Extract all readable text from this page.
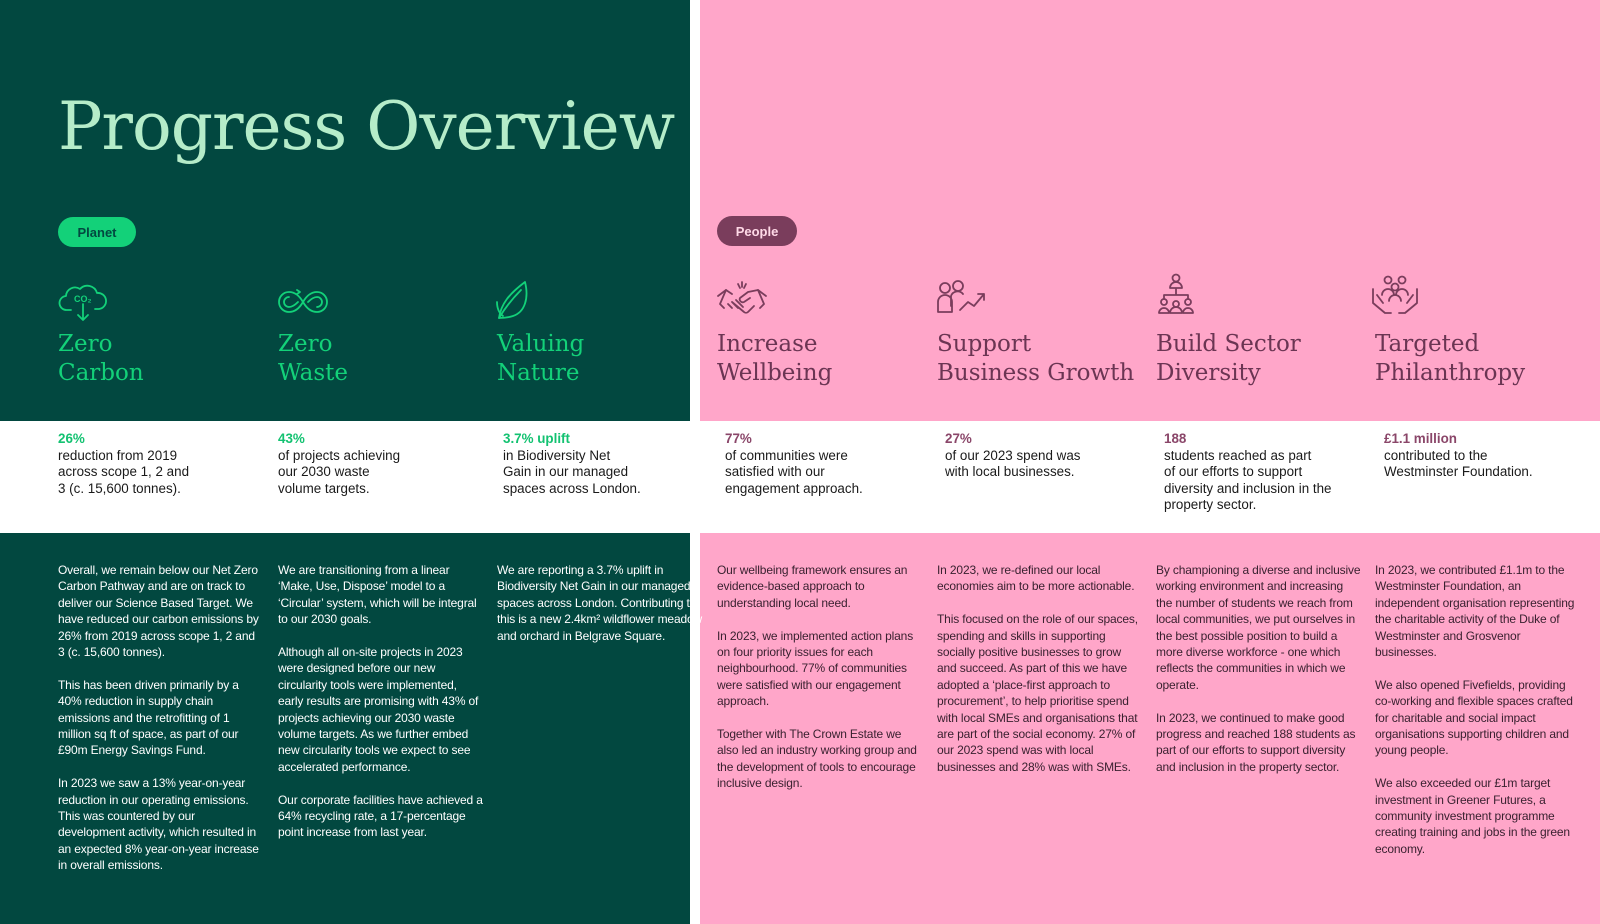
Progress Overview
Planet	People
CO₂
Zero
Carbon
26%
reduction from 2019
across scope 1, 2 and
3 (c. 15,600 tonnes).

Overall, we remain below our Net Zero Carbon Pathway and are on track to deliver our Science Based Target. We have reduced our carbon emissions by 26% from 2019 across scope 1, 2 and 3 (c. 15,600 tonnes).

This has been driven primarily by a 40% reduction in supply chain emissions and the retrofitting of 1 million sq ft of space, as part of our £90m Energy Savings Fund.

In 2023 we saw a 13% year-on-year reduction in our operating emissions. This was countered by our development activity, which resulted in an expected 8% year-on-year increase in overall emissions.

Zero
Waste
43%
of projects achieving
our 2030 waste
volume targets.

We are transitioning from a linear ‘Make, Use, Dispose’ model to a ‘Circular’ system, which will be integral to our 2030 goals.

Although all on-site projects in 2023 were designed before our new circularity tools were implemented, early results are promising with 43% of projects achieving our 2030 waste volume targets. As we further embed new circularity tools we expect to see accelerated performance.

Our corporate facilities have achieved a 64% recycling rate, a 17-percentage point increase from last year.

Valuing
Nature
3.7% uplift
in Biodiversity Net
Gain in our managed
spaces across London.

We are reporting a 3.7% uplift in Biodiversity Net Gain in our managed spaces across London. Contributing to this is a new 2.4km² wildflower meadow and orchard in Belgrave Square.

Increase
Wellbeing
77%
of communities were
satisfied with our
engagement approach.

Our wellbeing framework ensures an evidence-based approach to understanding local need.

In 2023, we implemented action plans on four priority issues for each neighbourhood. 77% of communities were satisfied with our engagement approach.

Together with The Crown Estate we also led an industry working group and the development of tools to encourage inclusive design.

Support
Business Growth
27%
of our 2023 spend was
with local businesses.

In 2023, we re-defined our local economies aim to be more actionable.

This focused on the role of our spaces, spending and skills in supporting socially positive businesses to grow and succeed. As part of this we have adopted a ‘place-first approach to procurement’, to help prioritise spend with local SMEs and organisations that are part of the social economy. 27% of our 2023 spend was with local businesses and 28% was with SMEs.

Build Sector
Diversity
188
students reached as part
of our efforts to support
diversity and inclusion in the
property sector.

By championing a diverse and inclusive working environment and increasing the number of students we reach from local communities, we put ourselves in the best possible position to build a more diverse workforce - one which reflects the communities in which we operate.

In 2023, we continued to make good progress and reached 188 students as part of our efforts to support diversity and inclusion in the property sector.

Targeted
Philanthropy
£1.1 million
contributed to the
Westminster Foundation.

In 2023, we contributed £1.1m to the Westminster Foundation, an independent organisation representing the charitable activity of the Duke of Westminster and Grosvenor businesses.

We also opened Fivefields, providing co-working and flexible spaces crafted for charitable and social impact organisations supporting children and young people.

We also exceeded our £1m target investment in Greener Futures, a community investment programme creating training and jobs in the green economy.
